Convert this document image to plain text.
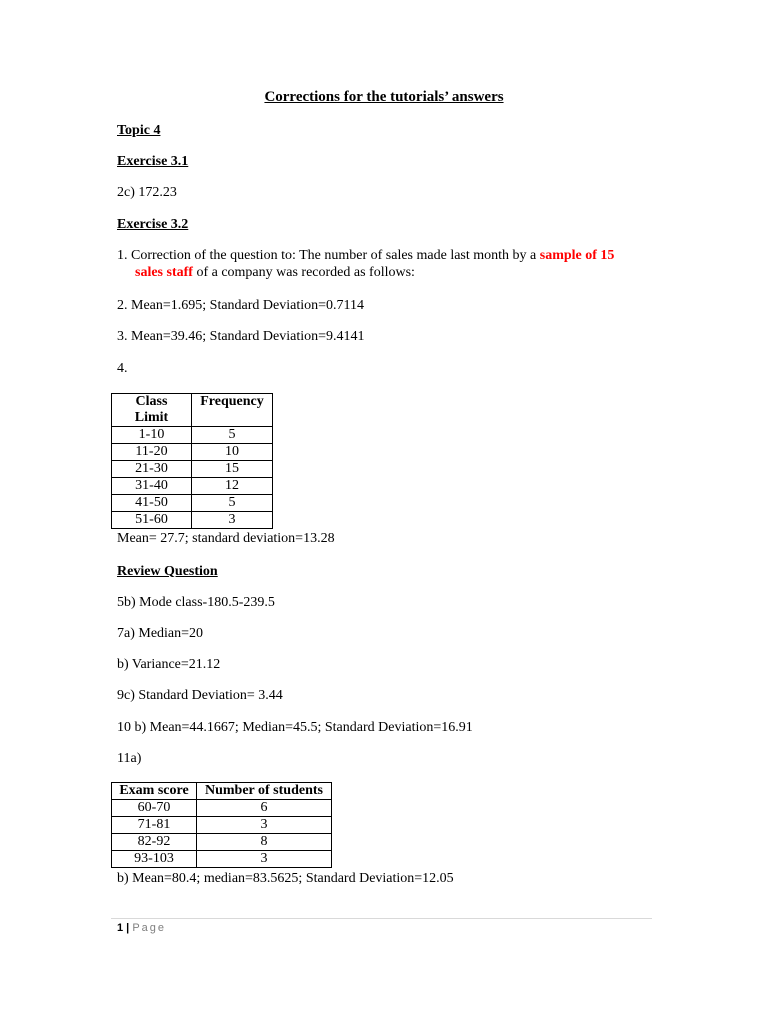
Corrections for the tutorials’ answers
Topic 4
Exercise 3.1
2c) 172.23
Exercise 3.2
1. Correction of the question to: The number of sales made last month by a sample of 15
sales staff of a company was recorded as follows:
2. Mean=1.695; Standard Deviation=0.7114
3. Mean=39.46; Standard Deviation=9.4141
4.
Class
Limit	Frequency
1-10	5
11-20	10
21-30	15
31-40	12
41-50	5
51-60	3
Mean= 27.7; standard deviation=13.28
Review Question
5b) Mode class-180.5-239.5
7a) Median=20
b) Variance=21.12
9c) Standard Deviation= 3.44
10 b) Mean=44.1667; Median=45.5; Standard Deviation=16.91
11a)
Exam score	Number of students
60-70	6
71-81	3
82-92	8
93-103	3
b) Mean=80.4; median=83.5625; Standard Deviation=12.05
1 | Page
